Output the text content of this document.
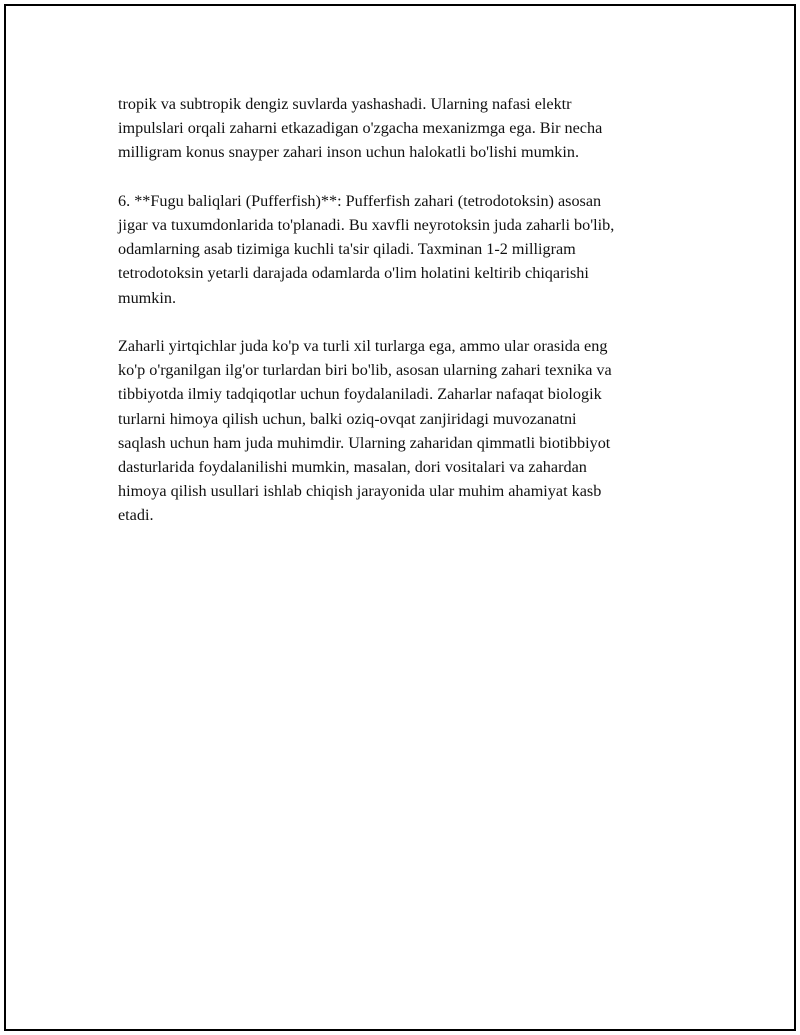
tropik va subtropik dengiz suvlarda yashashadi. Ularning nafasi elektr
impulslari orqali zaharni etkazadigan o'zgacha mexanizmga ega. Bir necha
milligram konus snayper zahari inson uchun halokatli bo'lishi mumkin.

6. **Fugu baliqlari (Pufferfish)**: Pufferfish zahari (tetrodotoksin) asosan
jigar va tuxumdonlarida to'planadi. Bu xavfli neyrotoksin juda zaharli bo'lib,
odamlarning asab tizimiga kuchli ta'sir qiladi. Taxminan 1-2 milligram
tetrodotoksin yetarli darajada odamlarda o'lim holatini keltirib chiqarishi
mumkin.

Zaharli yirtqichlar juda ko'p va turli xil turlarga ega, ammo ular orasida eng
ko'p o'rganilgan ilg'or turlardan biri bo'lib, asosan ularning zahari texnika va
tibbiyotda ilmiy tadqiqotlar uchun foydalaniladi. Zaharlar nafaqat biologik
turlarni himoya qilish uchun, balki oziq-ovqat zanjiridagi muvozanatni
saqlash uchun ham juda muhimdir. Ularning zaharidan qimmatli biotibbiyot
dasturlarida foydalanilishi mumkin, masalan, dori vositalari va zahardan
himoya qilish usullari ishlab chiqish jarayonida ular muhim ahamiyat kasb
etadi.
